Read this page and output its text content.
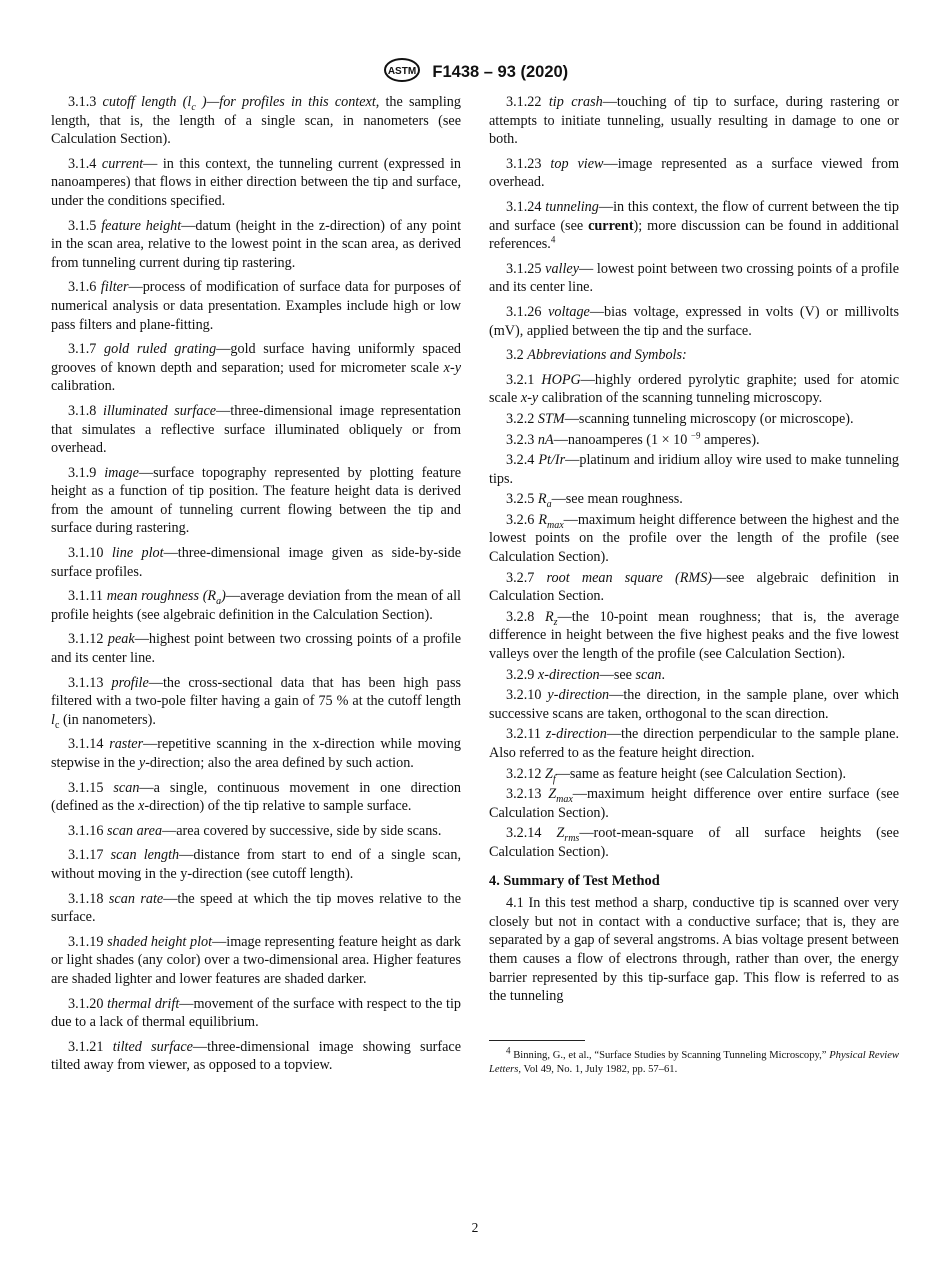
ASTM F1438 – 93 (2020)

3.1.3 cutoff length ($l_c$ )—for profiles in this context, the sampling length, that is, the length of a single scan, in nanometers (see Calculation Section).

3.1.4 current— in this context, the tunneling current (expressed in nanoamperes) that flows in either direction between the tip and surface, under the conditions specified.

3.1.5 feature height—datum (height in the z-direction) of any point in the scan area, relative to the lowest point in the scan area, as derived from tunneling current during tip rastering.

3.1.6 filter—process of modification of surface data for purposes of numerical analysis or data presentation. Examples include high or low pass filters and plane-fitting.

3.1.7 gold ruled grating—gold surface having uniformly spaced grooves of known depth and separation; used for micrometer scale x-y calibration.

3.1.8 illuminated surface—three-dimensional image representation that simulates a reflective surface illuminated obliquely or from overhead.

3.1.9 image—surface topography represented by plotting feature height as a function of tip position. The feature height data is derived from the amount of tunneling current flowing between the tip and surface during rastering.

3.1.10 line plot—three-dimensional image given as side-by-side surface profiles.

3.1.11 mean roughness $(R_a)—average$ deviation from the mean of all profile heights (see algebraic definition in the Calculation Section).

3.1.12 peak—highest point between two crossing points of a profile and its center line.

3.1.13 profile—the cross-sectional data that has been high pass filtered with a two-pole filter having a gain of 75 % at the cutoff length $l_c$ (in nanometers).

3.1.14 raster—repetitive scanning in the x-direction while moving stepwise in the y-direction; also the area defined by such action.

3.1.15 scan—a single, continuous movement in one direction (defined as the x-direction) of the tip relative to sample surface.

3.1.16 scan area—area covered by successive, side by side scans.

3.1.17 scan length—distance from start to end of a single scan, without moving in the y-direction (see cutoff length).

3.1.18 scan rate—the speed at which the tip moves relative to the surface.

3.1.19 shaded height plot—image representing feature height as dark or light shades (any color) over a two-dimensional area. Higher features are shaded lighter and lower features are shaded darker.

3.1.20 thermal drift—movement of the surface with respect to the tip due to a lack of thermal equilibrium.

3.1.21 tilted surface—three-dimensional image showing surface tilted away from viewer, as opposed to a topview.

3.1.22 tip crash—touching of tip to surface, during rastering or attempts to initiate tunneling, usually resulting in damage to one or both.

3.1.23 top view—image represented as a surface viewed from overhead.

3.1.24 tunneling—in this context, the flow of current between the tip and surface (see current); more discussion can be found in additional references.$^4$

3.1.25 valley— lowest point between two crossing points of a profile and its center line.

3.1.26 voltage—bias voltage, expressed in volts (V) or millivolts (mV), applied between the tip and the surface.

3.2 Abbreviations and Symbols:

3.2.1 HOPG—highly ordered pyrolytic graphite; used for atomic scale x-y calibration of the scanning tunneling microscopy.

3.2.2 STM—scanning tunneling microscopy (or microscope).

3.2.3 nA—nanoamperes (1 × 10 $^{-9}$ amperes).

3.2.4 Pt/Ir—platinum and iridium alloy wire used to make tunneling tips.

3.2.5 $R_a—see$ mean roughness.

3.2.6 $R_{max}—maximum$ height difference between the highest and the lowest points on the profile over the length of the profile (see Calculation Section).

3.2.7 root mean square (RMS)—see algebraic definition in Calculation Section.

3.2.8 $R_z—the$ 10-point mean roughness; that is, the average difference in height between the five highest peaks and the five lowest valleys over the length of the profile (see Calculation Section).

3.2.9 x-direction—see scan.

3.2.10 y-direction—the direction, in the sample plane, over which successive scans are taken, orthogonal to the scan direction.

3.2.11 z-direction—the direction perpendicular to the sample plane. Also referred to as the feature height direction.

3.2.12 $Z_f—same$ as feature height (see Calculation Section).

3.2.13 $Z_{max}—maximum$ height difference over entire surface (see Calculation Section).

3.2.14 $Z_{rms}—root-mean$-square of all surface heights (see Calculation Section).

4. Summary of Test Method

4.1 In this test method a sharp, conductive tip is scanned over very closely but not in contact with a conductive surface; that is, they are separated by a gap of several angstroms. A bias voltage present between them causes a flow of electrons through, rather than over, the energy barrier represented by this tip-surface gap. This flow is referred to as the tunneling

$^4$ Binning, G., et al., “Surface Studies by Scanning Tunneling Microscopy,” Physical Review Letters, Vol 49, No. 1, July 1982, pp. 57–61.

2
